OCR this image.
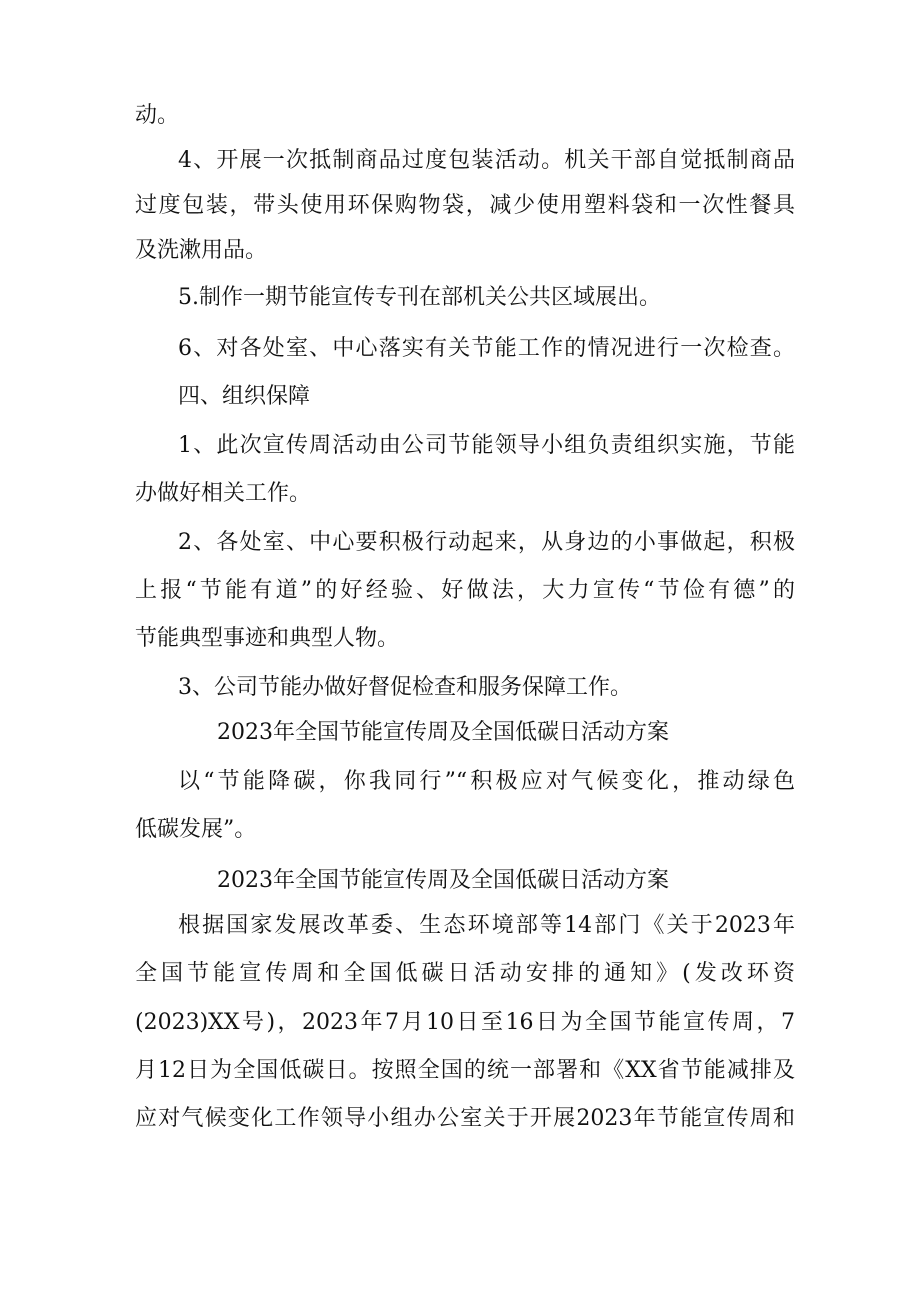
动。
4、开展一次抵制商品过度包装活动。机关干部自觉抵制商品
过度包装，带头使用环保购物袋，减少使用塑料袋和一次性餐具
及洗漱用品。
5.制作一期节能宣传专刊在部机关公共区域展出。
6、对各处室、中心落实有关节能工作的情况进行一次检查。
四、组织保障
1、此次宣传周活动由公司节能领导小组负责组织实施，节能
办做好相关工作。
2、各处室、中心要积极行动起来，从身边的小事做起，积极
上报“节能有道”的好经验、好做法，大力宣传“节俭有德”的
节能典型事迹和典型人物。
3、公司节能办做好督促检查和服务保障工作。
2023年全国节能宣传周及全国低碳日活动方案
以“节能降碳，你我同行”“积极应对气候变化，推动绿色
低碳发展”。
2023年全国节能宣传周及全国低碳日活动方案
根据国家发展改革委、生态环境部等14部门《关于2023年
全国节能宣传周和全国低碳日活动安排的通知》(发改环资
(2023)XX号)，2023年7月10日至16日为全国节能宣传周，7
月12日为全国低碳日。按照全国的统一部署和《XX省节能减排及
应对气候变化工作领导小组办公室关于开展2023年节能宣传周和
